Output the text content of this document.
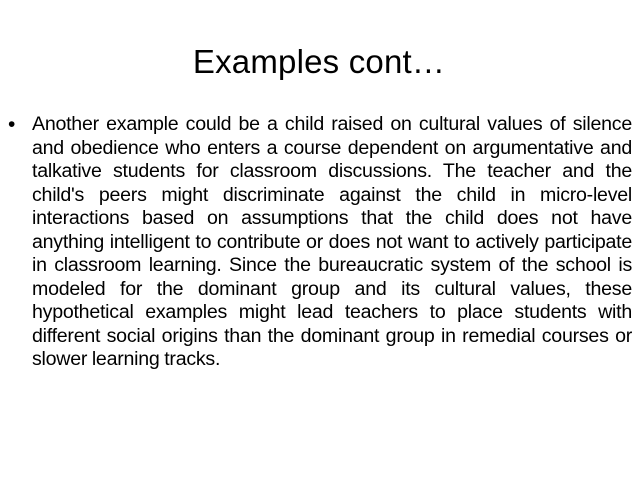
Examples cont…
• Another example could be a child raised on cultural values of silence and obedience who enters a course dependent on argumentative and talkative students for classroom discussions. The teacher and the child's peers might discriminate against the child in micro-level interactions based on assumptions that the child does not have anything intelligent to contribute or does not want to actively participate in classroom learning. Since the bureaucratic system of the school is modeled for the dominant group and its cultural values, these hypothetical examples might lead teachers to place students with different social origins than the dominant group in remedial courses or slower learning tracks.
